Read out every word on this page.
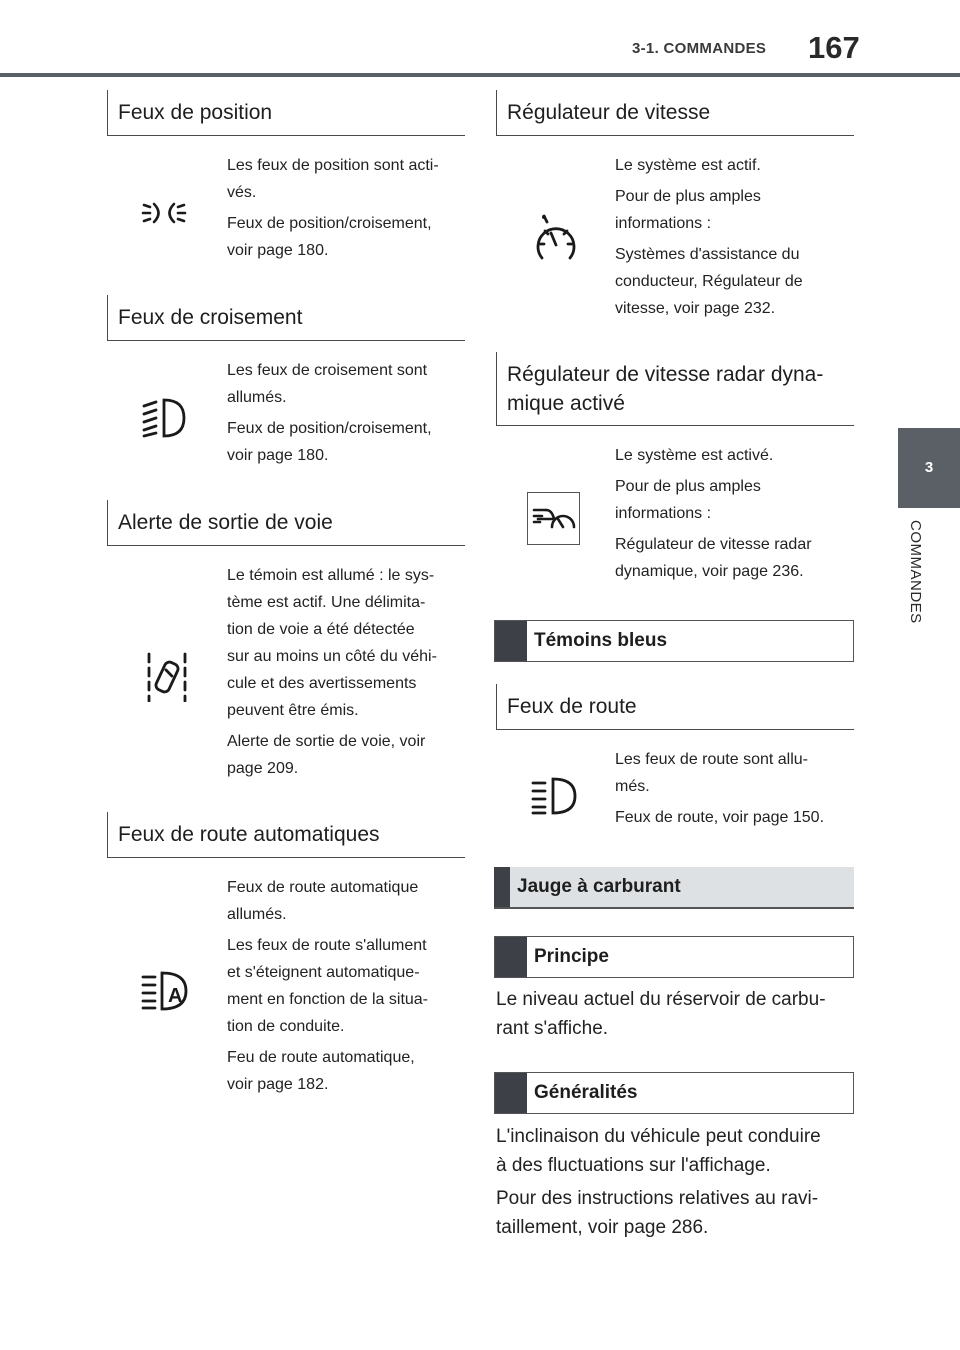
3-1. COMMANDES 167
3
COMMANDES
Feux de position
Les feux de position sont acti-
vés.
Feux de position/croisement,
voir page 180.
Feux de croisement
Les feux de croisement sont
allumés.
Feux de position/croisement,
voir page 180.
Alerte de sortie de voie
Le témoin est allumé : le sys-
tème est actif. Une délimita-
tion de voie a été détectée
sur au moins un côté du véhi-
cule et des avertissements
peuvent être émis.
Alerte de sortie de voie, voir
page 209.
Feux de route automatiques
A
Feux de route automatique
allumés.
Les feux de route s'allument
et s'éteignent automatique-
ment en fonction de la situa-
tion de conduite.
Feu de route automatique,
voir page 182.
Régulateur de vitesse
Le système est actif.
Pour de plus amples
informations :
Systèmes d'assistance du
conducteur, Régulateur de
vitesse, voir page 232.
Régulateur de vitesse radar dyna-
mique activé
Le système est activé.
Pour de plus amples
informations :
Régulateur de vitesse radar
dynamique, voir page 236.
Témoins bleus
Feux de route
Les feux de route sont allu-
més.
Feux de route, voir page 150.
Jauge à carburant
Principe
Le niveau actuel du réservoir de carbu-
rant s'affiche.
Généralités
L'inclinaison du véhicule peut conduire
à des fluctuations sur l'affichage.
Pour des instructions relatives au ravi-
taillement, voir page 286.
